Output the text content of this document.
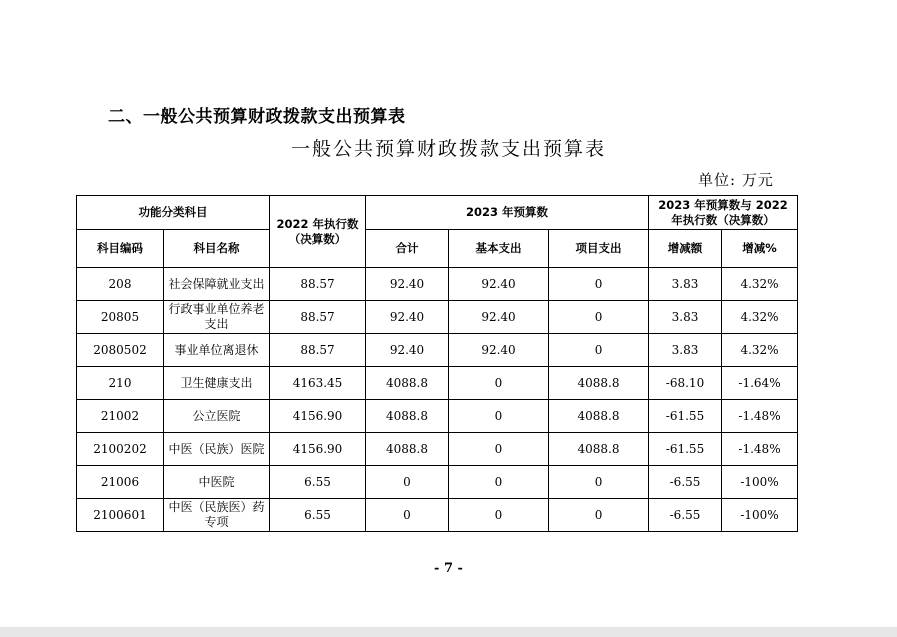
二、一般公共预算财政拨款支出预算表
一般公共预算财政拨款支出预算表
单位: 万元
功能分类科目		2022 年执行数（决算数）	2023 年预算数			2023 年预算数与 2022 年执行数（决算数）	
科目编码	科目名称		合计	基本支出	项目支出	增减额	增减%
208	社会保障就业支出	88.57	92.40	92.40	0	3.83	4.32%
20805	行政事业单位养老支出	88.57	92.40	92.40	0	3.83	4.32%
2080502	事业单位离退休	88.57	92.40	92.40	0	3.83	4.32%
210	卫生健康支出	4163.45	4088.8	0	4088.8	-68.10	-1.64%
21002	公立医院	4156.90	4088.8	0	4088.8	-61.55	-1.48%
2100202	中医（民族）医院	4156.90	4088.8	0	4088.8	-61.55	-1.48%
21006	中医院	6.55	0	0	0	-6.55	-100%
2100601	中医（民族医）药专项	6.55	0	0	0	-6.55	-100%
- 7 -
